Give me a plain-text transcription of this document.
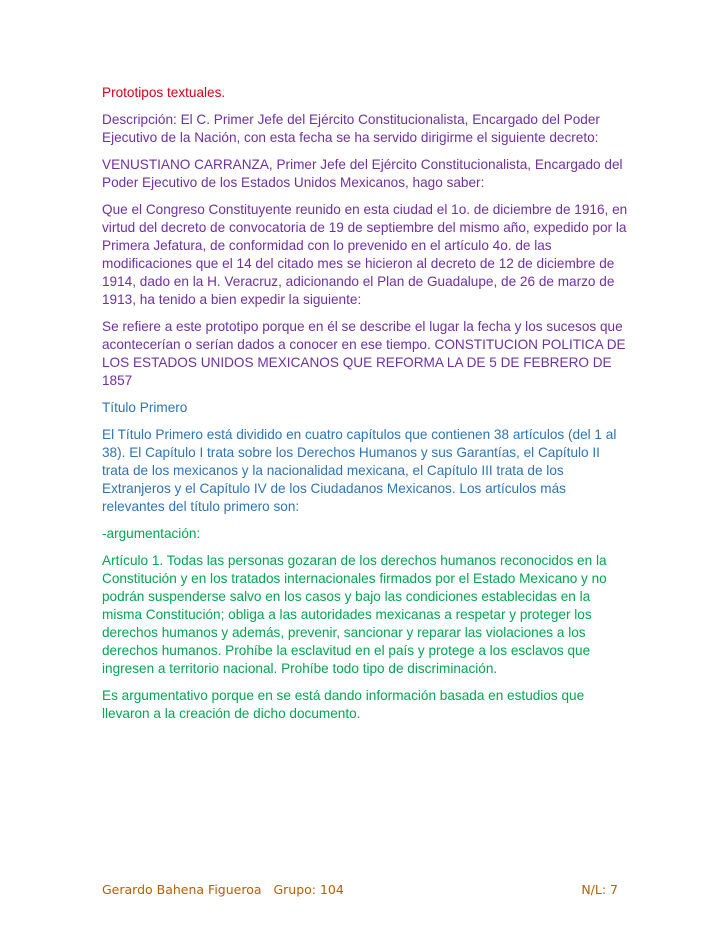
Prototipos textuales.

Descripción: El C. Primer Jefe del Ejército Constitucionalista, Encargado del Poder Ejecutivo de la Nación, con esta fecha se ha servido dirigirme el siguiente decreto:

VENUSTIANO CARRANZA, Primer Jefe del Ejército Constitucionalista, Encargado del Poder Ejecutivo de los Estados Unidos Mexicanos, hago saber:

Que el Congreso Constituyente reunido en esta ciudad el 1o. de diciembre de 1916, en virtud del decreto de convocatoria de 19 de septiembre del mismo año, expedido por la Primera Jefatura, de conformidad con lo prevenido en el artículo 4o. de las modificaciones que el 14 del citado mes se hicieron al decreto de 12 de diciembre de 1914, dado en la H. Veracruz, adicionando el Plan de Guadalupe, de 26 de marzo de 1913, ha tenido a bien expedir la siguiente:

Se refiere a este prototipo porque en él se describe el lugar la fecha y los sucesos que acontecerían o serían dados a conocer en ese tiempo. CONSTITUCION POLITICA DE LOS ESTADOS UNIDOS MEXICANOS QUE REFORMA LA DE 5 DE FEBRERO DE 1857

Título Primero

El Título Primero está dividido en cuatro capítulos que contienen 38 artículos (del 1 al 38). El Capítulo I trata sobre los Derechos Humanos y sus Garantías, el Capítulo II trata de los mexicanos y la nacionalidad mexicana, el Capítulo III trata de los Extranjeros y el Capítulo IV de los Ciudadanos Mexicanos. Los artículos más relevantes del título primero son:

-argumentación:

Artículo 1. Todas las personas gozaran de los derechos humanos reconocidos en la Constitución y en los tratados internacionales firmados por el Estado Mexicano y no podrán suspenderse salvo en los casos y bajo las condiciones establecidas en la misma Constitución; obliga a las autoridades mexicanas a respetar y proteger los derechos humanos y además, prevenir, sancionar y reparar las violaciones a los derechos humanos. Prohíbe la esclavitud en el país y protege a los esclavos que ingresen a territorio nacional. Prohíbe todo tipo de discriminación.

Es argumentativo porque en se está dando información basada en estudios que llevaron a la creación de dicho documento.

Gerardo Bahena Figueroa Grupo: 104	N/L: 7
